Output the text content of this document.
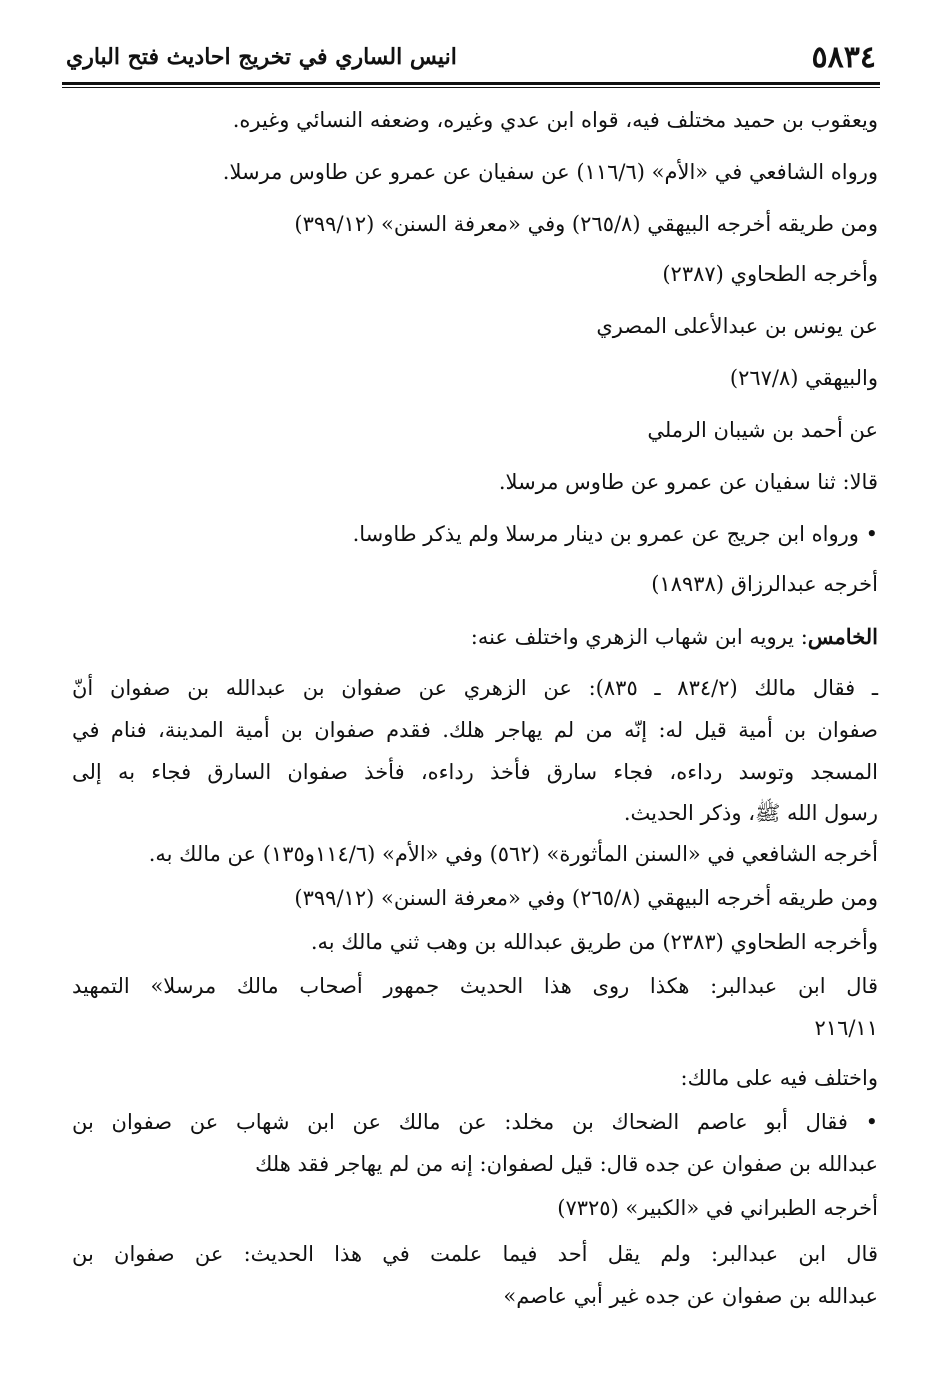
٥٨٣٤
انيس الساري في تخريج احاديث فتح الباري
ويعقوب بن حميد مختلف فيه، قواه ابن عدي وغيره، وضعفه النسائي وغيره.
ورواه الشافعي في «الأم» (١١٦/٦) عن سفيان عن عمرو عن طاوس مرسلا.
ومن طريقه أخرجه البيهقي (٢٦٥/٨) وفي «معرفة السنن» (٣٩٩/١٢)
وأخرجه الطحاوي (٢٣٨٧)
عن يونس بن عبدالأعلى المصري
والبيهقي (٢٦٧/٨)
عن أحمد بن شيبان الرملي
قالا: ثنا سفيان عن عمرو عن طاوس مرسلا.
• ورواه ابن جريج عن عمرو بن دينار مرسلا ولم يذكر طاوسا.
أخرجه عبدالرزاق (١٨٩٣٨)
الخامس: يرويه ابن شهاب الزهري واختلف عنه:
ـ فقال مالك (٨٣٤/٢ ـ ٨٣٥): عن الزهري عن صفوان بن عبدالله بن صفوان أنّ
صفوان بن أمية قيل له: إنّه من لم يهاجر هلك. فقدم صفوان بن أمية المدينة، فنام في
المسجد وتوسد رداءه، فجاء سارق فأخذ رداءه، فأخذ صفوان السارق فجاء به إلى
رسول الله ﷺ، وذكر الحديث.
أخرجه الشافعي في «السنن المأثورة» (٥٦٢) وفي «الأم» (١١٤/٦و١٣٥) عن مالك به.
ومن طريقه أخرجه البيهقي (٢٦٥/٨) وفي «معرفة السنن» (٣٩٩/١٢)
وأخرجه الطحاوي (٢٣٨٣) من طريق عبدالله بن وهب ثني مالك به.
قال ابن عبدالبر: هكذا روى هذا الحديث جمهور أصحاب مالك مرسلا» التمهيد
٢١٦/١١
واختلف فيه على مالك:
• فقال أبو عاصم الضحاك بن مخلد: عن مالك عن ابن شهاب عن صفوان بن
عبدالله بن صفوان عن جده قال: قيل لصفوان: إنه من لم يهاجر فقد هلك
أخرجه الطبراني في «الكبير» (٧٣٢٥)
قال ابن عبدالبر: ولم يقل أحد فيما علمت في هذا الحديث: عن صفوان بن
عبدالله بن صفوان عن جده غير أبي عاصم»
